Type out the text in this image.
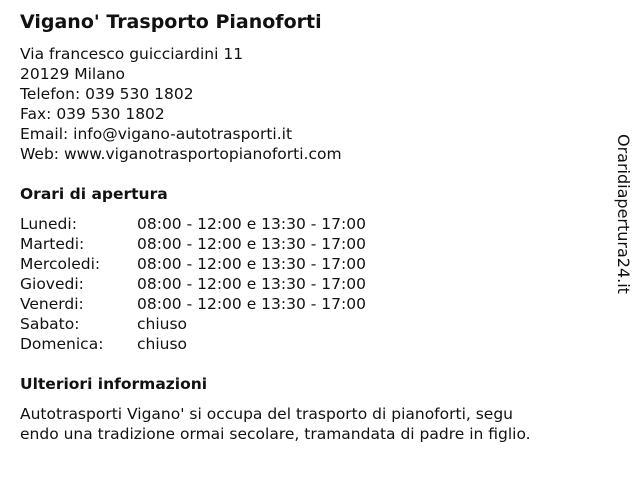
Vigano' Trasporto Pianoforti
Via francesco guicciardini 11
20129 Milano
Telefon: 039 530 1802
Fax: 039 530 1802
Email: info@vigano-autotrasporti.it
Web: www.viganotrasportopianoforti.com
Orari di apertura
Lunedi:	08:00 - 12:00 e 13:30 - 17:00
Martedi:	08:00 - 12:00 e 13:30 - 17:00
Mercoledi:	08:00 - 12:00 e 13:30 - 17:00
Giovedi:	08:00 - 12:00 e 13:30 - 17:00
Venerdi:	08:00 - 12:00 e 13:30 - 17:00
Sabato:	chiuso
Domenica:	chiuso
Ulteriori informazioni
Autotrasporti Vigano' si occupa del trasporto di pianoforti, segu
endo una tradizione ormai secolare, tramandata di padre in figlio.
Oraridiapertura24.it
